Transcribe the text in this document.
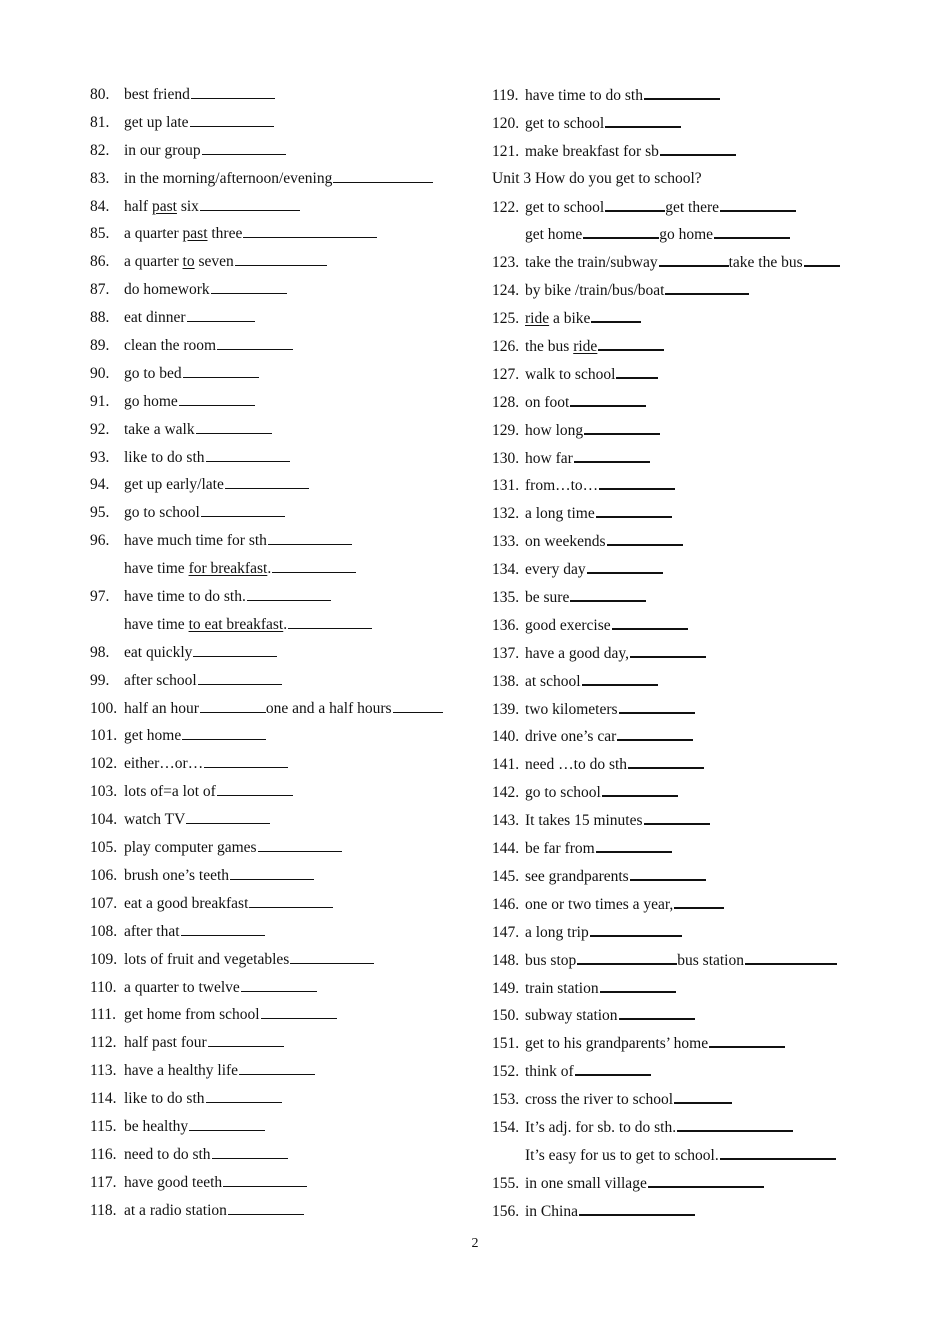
80. best friend
81. get up late
82. in our group
83. in the morning/afternoon/evening
84. half past six
85. a quarter past three
86. a quarter to seven
87. do homework
88. eat dinner
89. clean the room
90. go to bed
91. go home
92. take a walk
93. like to do sth
94. get up early/late
95. go to school
96. have much time for sth
have time for breakfast.
97. have time to do sth.
have time to eat breakfast.
98. eat quickly
99. after school
100. half an hour	one and a half hours
101. get home
102. either…or…
103. lots of=a lot of
104. watch TV
105. play computer games
106. brush one’s teeth
107. eat a good breakfast
108. after that
109. lots of fruit and vegetables
110. a quarter to twelve
111. get home from school
112. half past four
113. have a healthy life
114. like to do sth
115. be healthy
116. need to do sth
117. have good teeth
118. at a radio station
119. have time to do sth
120. get to school
121. make breakfast for sb
Unit 3 How do you get to school?
122. get to school	get there
get home	go home
123. take the train/subway	take the bus
124. by bike /train/bus/boat
125. ride a bike
126. the bus ride
127. walk to school
128. on foot
129. how long
130. how far
131. from…to…
132. a long time
133. on weekends
134. every day
135. be sure
136. good exercise
137. have a good day,
138. at school
139. two kilometers
140. drive one’s car
141. need …to do sth
142. go to school
143. It takes 15 minutes
144. be far from
145. see grandparents
146. one or two times a year,
147. a long trip
148. bus stop	bus station
149. train station
150. subway station
151. get to his grandparents’ home
152. think of
153. cross the river to school
154. It’s adj. for sb. to do sth.
It’s easy for us to get to school.
155. in one small village
156. in China
2
